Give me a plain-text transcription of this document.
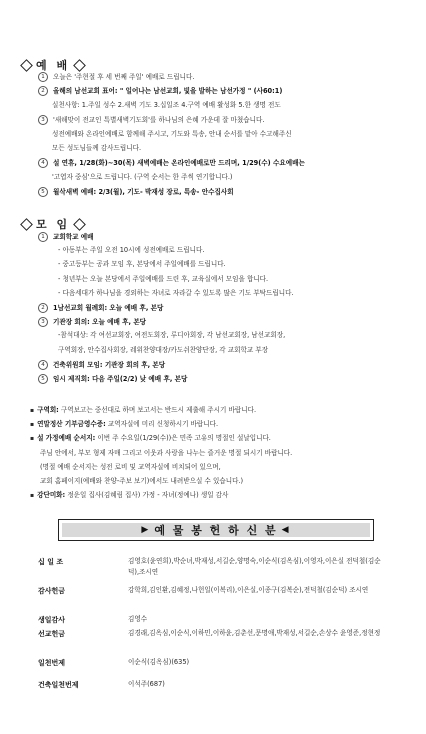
예 배
1 오늘은 '주현절 후 세 번째 주일' 예배로 드립니다.
2 올해의 남선교회 표어: " 일어나는 남선교회, 빛을 발하는 남선가정 " (사60:1)
실천사항: 1.주일 성수 2.새벽 기도 3.십일조 4.구역 예배 활성화 5.한 생명 전도
3 '새해맞이 전교인 특별새벽기도회'를 하나님의 은혜 가운데 잘 마쳤습니다.
성전예배와 온라인예배로 함께해 주시고, 기도와 특송, 안내 순서를 맡아 수고해주신
모든 성도님들께 감사드립니다.
4 설 연휴, 1/28(화)~30(목) 새벽예배는 온라인예배로만 드리며, 1/29(수) 수요예배는
'고엽자 중심'으로 드립니다. (구역 순서는 한 주씩 연기합니다.)
5 월삭새벽 예배: 2/3(월), 기도- 박재성 장로, 특송- 안수집사회
모 임
1 교회학교 예배
- 아동부는 주일 오전 10시에 성전예배로 드립니다.
- 중고등부는 공과 모임 후, 본당에서 주일예배를 드립니다.
- 청년부는 오늘 본당에서 주일예배를 드린 후, 교육실에서 모임을 합니다.
- 다음세대가 하나님을 경외하는 자녀로 자라갈 수 있도록 많은 기도 부탁드립니다.
2 1남선교회 월례회: 오늘 예배 후, 본당
3 기관장 회의: 오늘 예배 후, 본당
-참석대상: 각 여선교회장, 여전도회장, 루디아회장, 각 남선교회장, 남선교회장,
구역회장, 안수집사회장, 레위찬양대장/카도쉬찬양단장, 각 교회학교 부장
4 건축위원회 모임: 기관장 회의 후, 본당
5 임시 제직회: 다음 주일(2/2) 낮 예배 후, 본당
▪ 구역회: 구역보고는 중선대로 하며 보고서는 반드시 제출해 주시기 바랍니다.
▪ 연말정산 기부금영수증: 교역자실에 미리 신청하시기 바랍니다.
▪ 설 가정예배 순서지: 이번 주 수요일(1/29(수))은 민족 고유의 명절인 설날입니다.
주님 안에서, 부모 형제 자매 그리고 이웃과 사랑을 나누는 즐거운 명절 되시기 바랍니다.
(명절 예배 순서지는 성전 로비 및 교역자실에 비치되어 있으며,
교회 홈페이지(예배와 찬양-주보 보기)에서도 내려받으실 수 있습니다.)
▪ 강단미화: 정운일 집사(김혜림 집사) 가정 - 자녀(정예나) 생일 감사
▶ 예 물 봉 헌 하 신 분 ◀
십 일 조	김영호(윤연희),박순녀,박재성,서길순,양명숙,이순식(김옥심),이영자,이은실 전덕철(김순덕),조시연
감사헌금	강학희,김인환,김혜정,나헌일(이복리),이은실,이종구(김복순),전덕철(김순덕) 조시연
생일감사	김영수
선교헌금	김경래,김옥심,이순식,이하민,이하윤,김춘선,문명애,박재성,서길순,손상수 윤영준,정현정
일천번제	이순식(김옥심)(635)
건축일천번제	이석주(687)
